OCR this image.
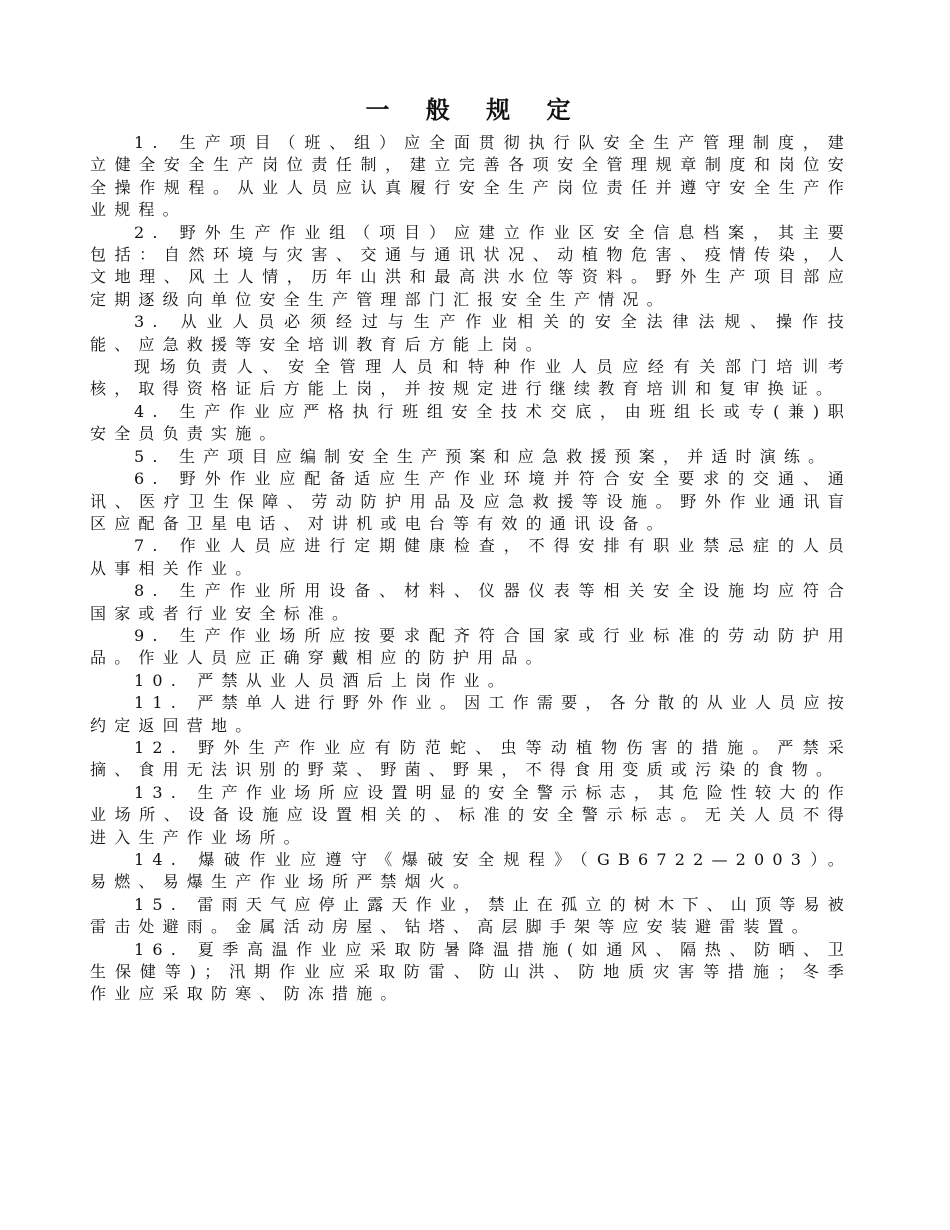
一 般 规 定

1. 生产项目（班、组）应全面贯彻执行队安全生产管理制度，建立健全安全生产岗位责任制，建立完善各项安全管理规章制度和岗位安全操作规程。从业人员应认真履行安全生产岗位责任并遵守安全生产作业规程。

2. 野外生产作业组（项目）应建立作业区安全信息档案，其主要包括：自然环境与灾害、交通与通讯状况、动植物危害、疫情传染，人文地理、风土人情，历年山洪和最高洪水位等资料。野外生产项目部应定期逐级向单位安全生产管理部门汇报安全生产情况。

3. 从业人员必须经过与生产作业相关的安全法律法规、操作技能、应急救援等安全培训教育后方能上岗。

现场负责人、安全管理人员和特种作业人员应经有关部门培训考核，取得资格证后方能上岗，并按规定进行继续教育培训和复审换证。

4. 生产作业应严格执行班组安全技术交底，由班组长或专(兼)职安全员负责实施。

5. 生产项目应编制安全生产预案和应急救援预案，并适时演练。

6. 野外作业应配备适应生产作业环境并符合安全要求的交通、通讯、医疗卫生保障、劳动防护用品及应急救援等设施。野外作业通讯盲区应配备卫星电话、对讲机或电台等有效的通讯设备。

7. 作业人员应进行定期健康检查，不得安排有职业禁忌症的人员从事相关作业。

8. 生产作业所用设备、材料、仪器仪表等相关安全设施均应符合国家或者行业安全标准。

9. 生产作业场所应按要求配齐符合国家或行业标准的劳动防护用品。作业人员应正确穿戴相应的防护用品。

10. 严禁从业人员酒后上岗作业。

11. 严禁单人进行野外作业。因工作需要，各分散的从业人员应按约定返回营地。

12. 野外生产作业应有防范蛇、虫等动植物伤害的措施。严禁采摘、食用无法识别的野菜、野菌、野果，不得食用变质或污染的食物。

13. 生产作业场所应设置明显的安全警示标志，其危险性较大的作业场所、设备设施应设置相关的、标准的安全警示标志。无关人员不得进入生产作业场所。

14. 爆破作业应遵守《爆破安全规程》（GB6722—2003）。易燃、易爆生产作业场所严禁烟火。

15. 雷雨天气应停止露天作业，禁止在孤立的树木下、山顶等易被雷击处避雨。金属活动房屋、钻塔、高层脚手架等应安装避雷装置。

16. 夏季高温作业应采取防暑降温措施(如通风、隔热、防晒、卫生保健等)；汛期作业应采取防雷、防山洪、防地质灾害等措施；冬季作业应采取防寒、防冻措施。
